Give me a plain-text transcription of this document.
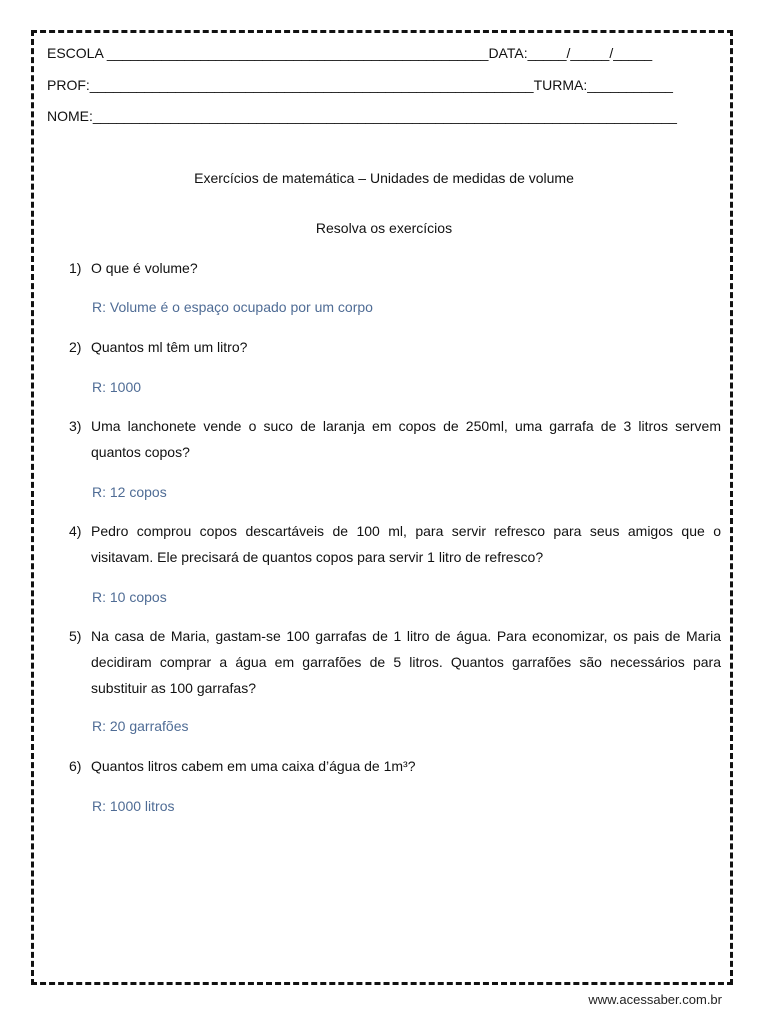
ESCOLA _________________________________________________DATA:_____/_____/_____
PROF:_________________________________________________________TURMA:___________
NOME:___________________________________________________________________________
Exercícios de matemática – Unidades de medidas de volume
Resolva os exercícios
1) O que é volume?
R: Volume é o espaço ocupado por um corpo
2) Quantos ml têm um litro?
R: 1000
3) Uma lanchonete vende o suco de laranja em copos de 250ml, uma garrafa de 3 litros servem quantos copos?
R: 12 copos
4) Pedro comprou copos descartáveis de 100 ml, para servir refresco para seus amigos que o visitavam. Ele precisará de quantos copos para servir 1 litro de refresco?
R: 10 copos
5) Na casa de Maria, gastam-se 100 garrafas de 1 litro de água. Para economizar, os pais de Maria decidiram comprar a água em garrafões de 5 litros. Quantos garrafões são necessários para substituir as 100 garrafas?
R: 20 garrafões
6) Quantos litros cabem em uma caixa d’água de 1m³?
R: 1000 litros
www.acessaber.com.br
